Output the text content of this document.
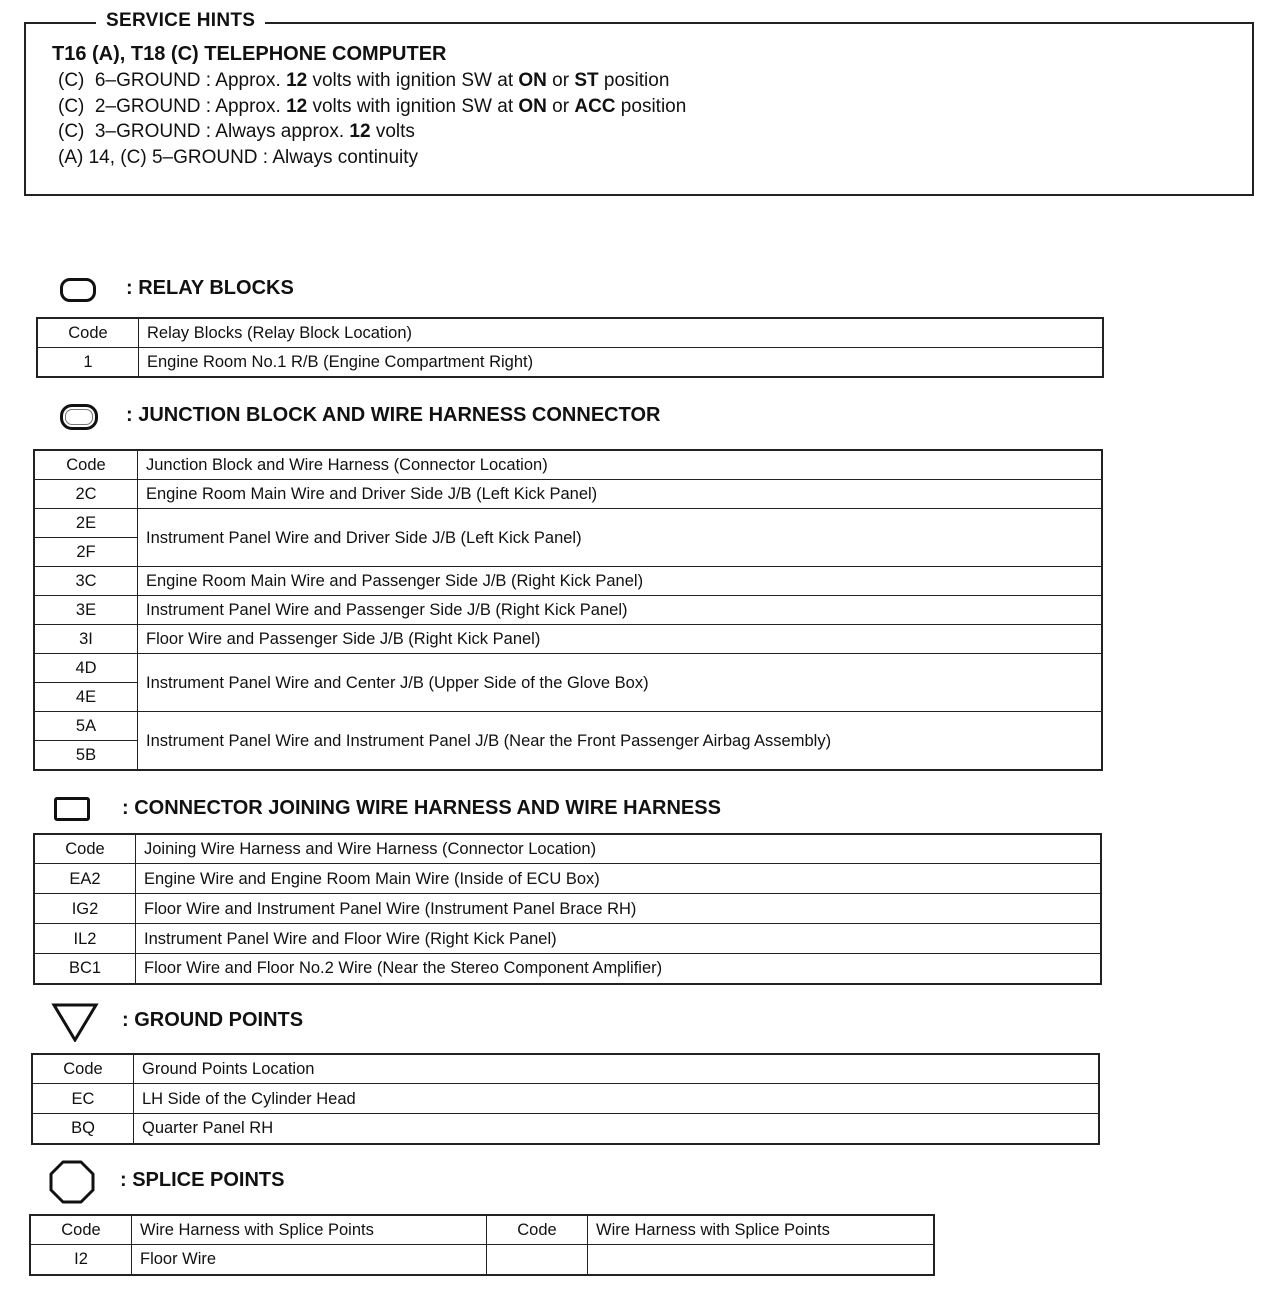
SERVICE HINTS
T16 (A), T18 (C) TELEPHONE COMPUTER
(C)  6–GROUND : Approx. 12 volts with ignition SW at ON or ST position
(C)  2–GROUND : Approx. 12 volts with ignition SW at ON or ACC position
(C)  3–GROUND : Always approx. 12 volts
(A) 14, (C) 5–GROUND : Always continuity
: RELAY BLOCKS
Code	Relay Blocks (Relay Block Location)
1	Engine Room No.1 R/B (Engine Compartment Right)
: JUNCTION BLOCK AND WIRE HARNESS CONNECTOR
Code	Junction Block and Wire Harness (Connector Location)
2C	Engine Room Main Wire and Driver Side J/B (Left Kick Panel)
2E	Instrument Panel Wire and Driver Side J/B (Left Kick Panel)
2F	
3C	Engine Room Main Wire and Passenger Side J/B (Right Kick Panel)
3E	Instrument Panel Wire and Passenger Side J/B (Right Kick Panel)
3I	Floor Wire and Passenger Side J/B (Right Kick Panel)
4D	Instrument Panel Wire and Center J/B (Upper Side of the Glove Box)
4E	
5A	Instrument Panel Wire and Instrument Panel J/B (Near the Front Passenger Airbag Assembly)
5B	
: CONNECTOR JOINING WIRE HARNESS AND WIRE HARNESS
Code	Joining Wire Harness and Wire Harness (Connector Location)
EA2	Engine Wire and Engine Room Main Wire (Inside of ECU Box)
IG2	Floor Wire and Instrument Panel Wire (Instrument Panel Brace RH)
IL2	Instrument Panel Wire and Floor Wire (Right Kick Panel)
BC1	Floor Wire and Floor No.2 Wire (Near the Stereo Component Amplifier)
: GROUND POINTS
Code	Ground Points Location
EC	LH Side of the Cylinder Head
BQ	Quarter Panel RH
: SPLICE POINTS
Code	Wire Harness with Splice Points	Code	Wire Harness with Splice Points
I2	Floor Wire		
